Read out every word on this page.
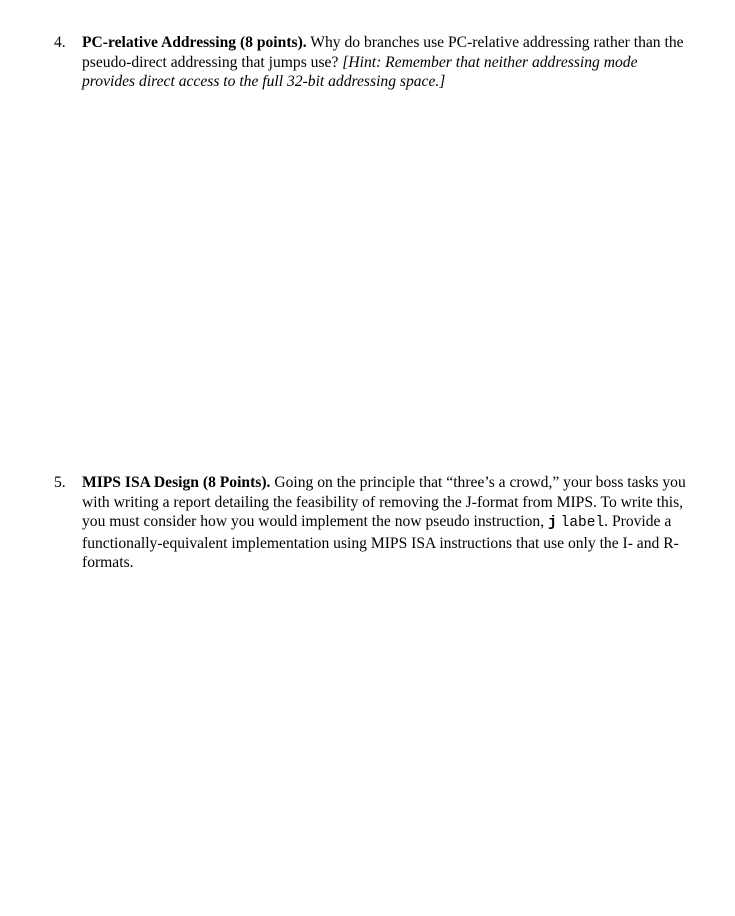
4.	PC-relative Addressing (8 points). Why do branches use PC-relative addressing rather than the pseudo-direct addressing that jumps use? [Hint: Remember that neither addressing mode provides direct access to the full 32-bit addressing space.]
5.	MIPS ISA Design (8 Points). Going on the principle that “three’s a crowd,” your boss tasks you with writing a report detailing the feasibility of removing the J-format from MIPS. To write this, you must consider how you would implement the now pseudo instruction, j label. Provide a functionally-equivalent implementation using MIPS ISA instructions that use only the I- and R-formats.
